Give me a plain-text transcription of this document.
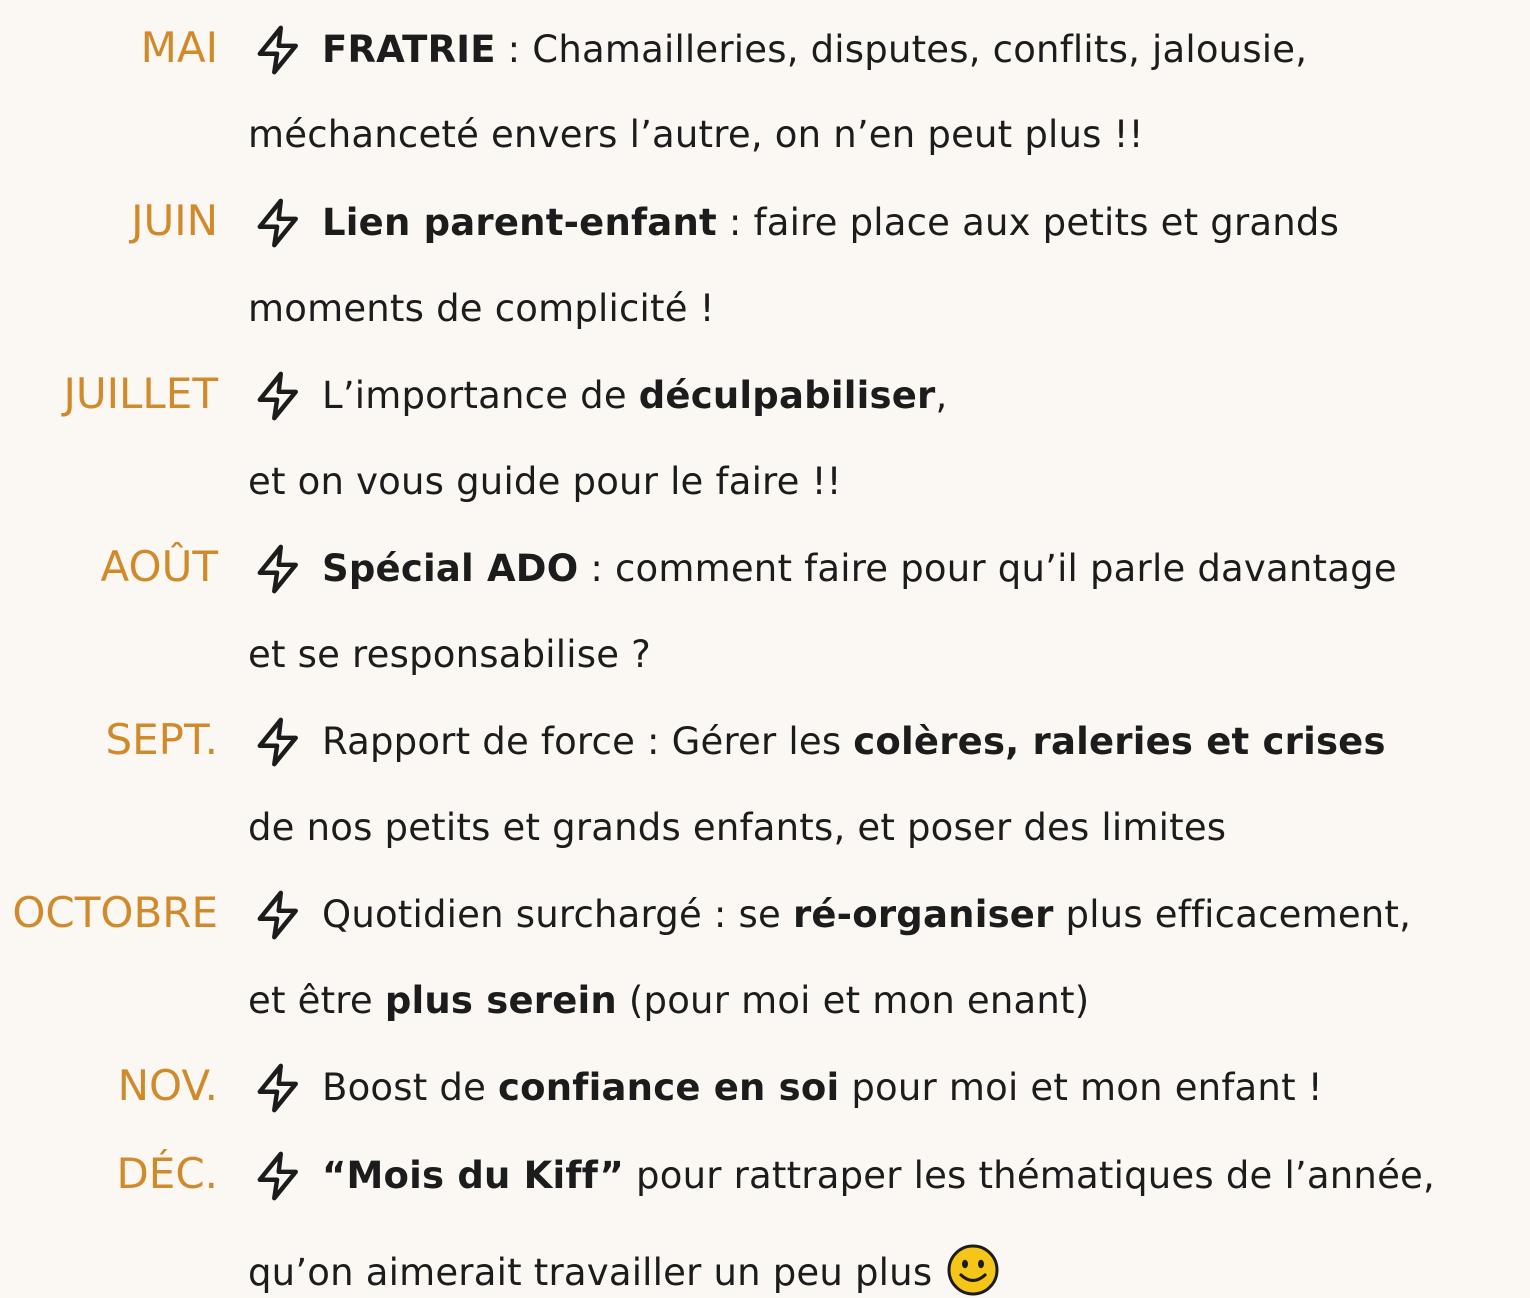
MAI	FRATRIE : Chamailleries, disputes, conflits, jalousie,
méchanceté envers l’autre, on n’en peut plus !!
JUIN	Lien parent-enfant : faire place aux petits et grands
moments de complicité !
JUILLET	L’importance de déculpabiliser,
et on vous guide pour le faire !!
AOÛT	Spécial ADO : comment faire pour qu’il parle davantage
et se responsabilise ?
SEPT.	Rapport de force : Gérer les colères, raleries et crises
de nos petits et grands enfants, et poser des limites
OCTOBRE	Quotidien surchargé : se ré-organiser plus efficacement,
et être plus serein (pour moi et mon enant)
NOV.	Boost de confiance en soi pour moi et mon enfant !
DÉC.	“Mois du Kiff” pour rattraper les thématiques de l’année,
qu’on aimerait travailler un peu plus
